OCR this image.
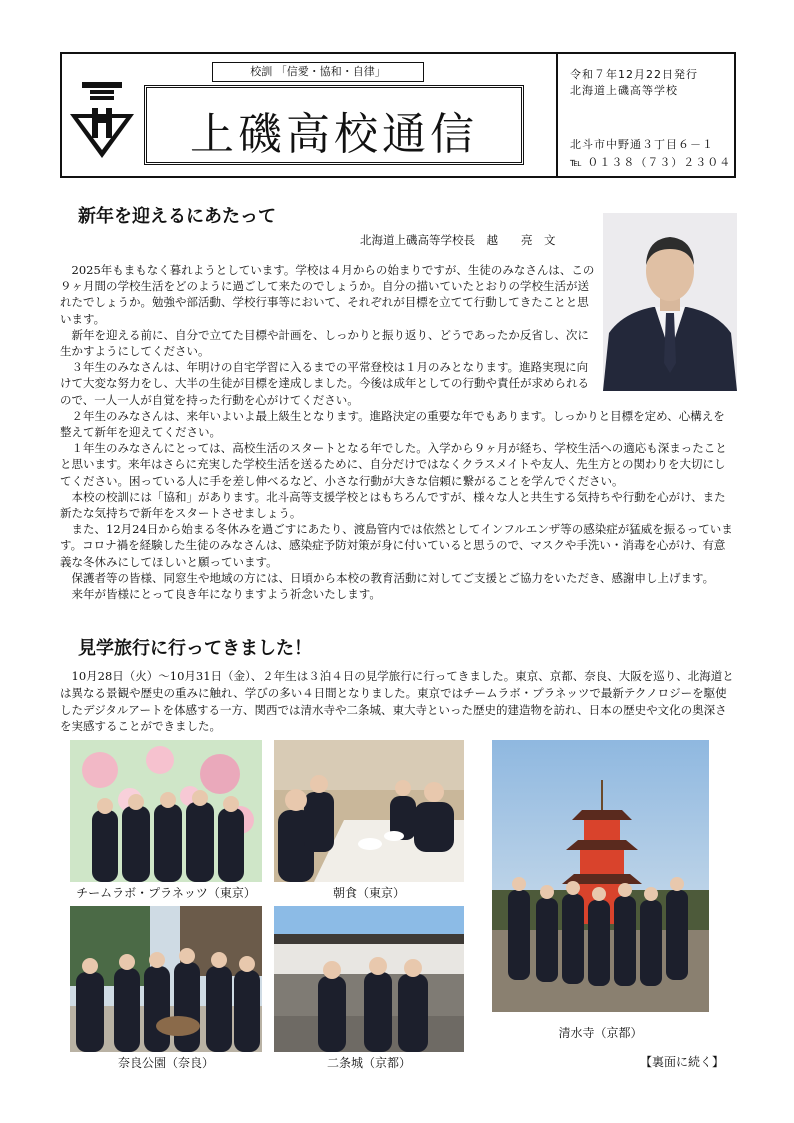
校訓 「信愛・協和・自律」
上磯高校通信
令和７年12月22日発行
北海道上磯高等学校
北斗市中野通３丁目６－１
℡ ０１３８（７３）２３０４
新年を迎えるにあたって
北海道上磯高等学校長　越　　亮　文

2025年もまもなく暮れようとしています。学校は４月からの始まりですが、生徒のみなさんは、この９ヶ月間の学校生活をどのように過ごして来たのでしょうか。自分の描いていたとおりの学校生活が送れたでしょうか。勉強や部活動、学校行事等において、それぞれが目標を立てて行動してきたことと思います。

新年を迎える前に、自分で立てた目標や計画を、しっかりと振り返り、どうであったか反省し、次に生かすようにしてください。

３年生のみなさんは、年明けの自宅学習に入るまでの平常登校は１月のみとなります。進路実現に向けて大変な努力をし、大半の生徒が目標を達成しました。今後は成年としての行動や責任が求められるので、一人一人が自覚を持った行動を心がけてください。

２年生のみなさんは、来年いよいよ最上級生となります。進路決定の重要な年でもあります。しっかりと目標を定め、心構えを整えて新年を迎えてください。

１年生のみなさんにとっては、高校生活のスタートとなる年でした。入学から９ヶ月が経ち、学校生活への適応も深まったことと思います。来年はさらに充実した学校生活を送るために、自分だけではなくクラスメイトや友人、先生方との関わりを大切にしてください。困っている人に手を差し伸べるなど、小さな行動が大きな信頼に繋がることを学んでください。

本校の校訓には「協和」があります。北斗高等支援学校とはもちろんですが、様々な人と共生する気持ちや行動を心がけ、また新たな気持ちで新年をスタートさせましょう。

また、12月24日から始まる冬休みを過ごすにあたり、渡島管内では依然としてインフルエンザ等の感染症が猛威を振るっています。コロナ禍を経験した生徒のみなさんは、感染症予防対策が身に付いていると思うので、マスクや手洗い・消毒を心がけ、有意義な冬休みにしてほしいと願っています。

保護者等の皆様、同窓生や地域の方には、日頃から本校の教育活動に対してご支援とご協力をいただき、感謝申し上げます。

来年が皆様にとって良き年になりますよう祈念いたします。

見学旅行に行ってきました！

10月28日（火）～10月31日（金）、２年生は３泊４日の見学旅行に行ってきました。東京、京都、奈良、大阪を巡り、北海道とは異なる景観や歴史の重みに触れ、学びの多い４日間となりました。東京ではチームラボ・プラネッツで最新テクノロジーを駆使したデジタルアートを体感する一方、関西では清水寺や二条城、東大寺といった歴史的建造物を訪れ、日本の歴史や文化の奥深さを実感することができました。

チームラボ・プラネッツ（東京）	朝食（東京）
奈良公園（奈良）	二条城（京都）
清水寺（京都）
【裏面に続く】
